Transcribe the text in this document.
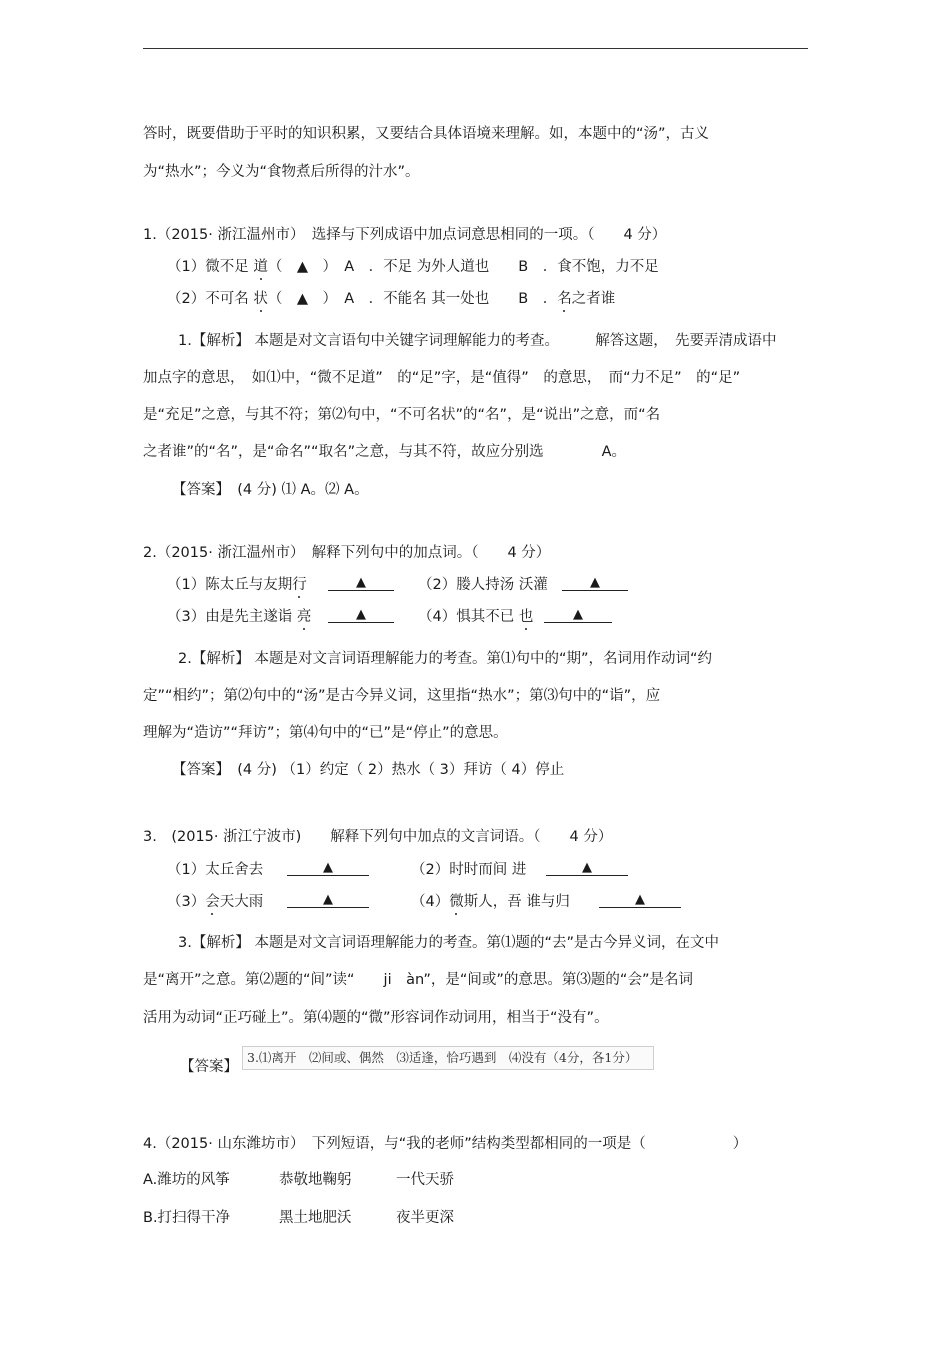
答时，既要借助于平时的知识积累，又要结合具体语境来理解。如，本题中的“汤”，古义
为“热水”；今义为“食物煮后所得的汁水”。
1.（2015· 浙江温州市）　选择与下列成语中加点词意思相同的一项。（　　4 分）
（1）微不足 道（　▲　）　A　．不足 为外人道也　　B　．食不饱，力不足
（2）不可名 状（　▲　）　A　．不能名 其一处也　　B　．名之者谁
1.【解析】 本题是对文言语句中关键字词理解能力的考查。　　　解答这题，　先要弄清成语中
加点字的意思，　如⑴中，“微不足道”　的“足”字，是“值得”　的意思，　而“力不足”　的“足”
是“充足”之意，与其不符；第⑵句中，“不可名状”的“名”，是“说出”之意，而“名
之者谁”的“名”，是“命名”“取名”之意，与其不符，故应分别选　　　　A。
【答案】　(4 分) ⑴ A。⑵ A。
2.（2015· 浙江温州市）　解释下列句中的加点词。（　　4 分）
（1）陈太丘与友期行	▲	（2）媵人持汤 沃灌	▲
（3）由是先主遂诣 亮	▲	（4）惧其不已 也	▲
2.【解析】 本题是对文言词语理解能力的考查。第⑴句中的“期”，名词用作动词“约
定”“相约”；第⑵句中的“汤”是古今异义词，这里指“热水”；第⑶句中的“诣”，应
理解为“造访”“拜访”；第⑷句中的“已”是“停止”的意思。
【答案】　(4 分) （1）约定（ 2）热水（ 3）拜访（ 4）停止
3.　(2015· 浙江宁波市)　　解释下列句中加点的文言词语。（　　4 分）
（1）太丘舍去	▲	（2）时时而间 进	▲
（3）会天大雨	▲	（4）微斯人，吾 谁与归	▲
3.【解析】 本题是对文言词语理解能力的考查。第⑴题的“去”是古今异义词，在文中
是“离开”之意。第⑵题的“间”读“　　ji　àn”，是“间或”的意思。第⑶题的“会”是名词
活用为动词“正巧碰上”。第⑷题的“微”形容词作动词用，相当于“没有”。
【答案】
3.⑴离开　⑵间或、偶然　⑶适逢，恰巧遇到　⑷没有（4分，各1分）
4.（2015· 山东潍坊市）　下列短语，与“我的老师”结构类型都相同的一项是（　　　　　　）
A.潍坊的风筝	恭敬地鞠躬	一代天骄
B.打扫得干净	黑土地肥沃	夜半更深
